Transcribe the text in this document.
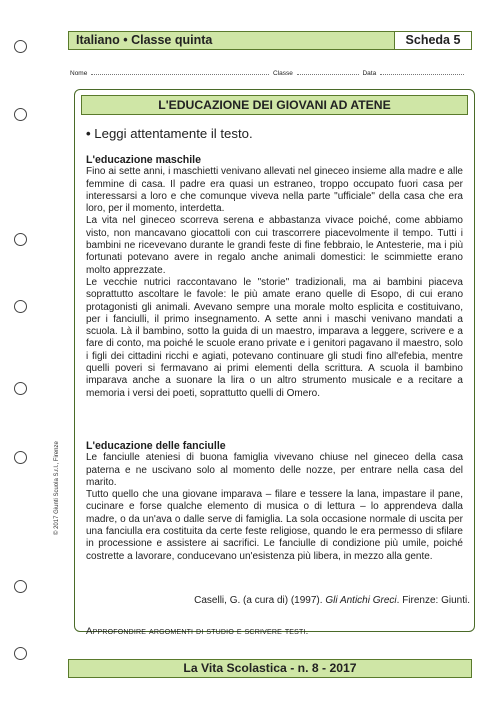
Italiano • Classe quinta	Scheda 5
Nome	Classe	Data
L'EDUCAZIONE DEI GIOVANI AD ATENE
• Leggi attentamente il testo.
L'educazione maschile

Fino ai sette anni, i maschietti venivano allevati nel gineceo insieme alla madre e alle femmine di casa. Il padre era quasi un estraneo, troppo occupato fuori casa per interessarsi a loro e che comunque viveva nella parte "ufficiale" della casa che era loro, per il momento, interdetta.

La vita nel gineceo scorreva serena e abbastanza vivace poiché, come abbiamo visto, non mancavano giocattoli con cui trascorrere piacevolmente il tempo. Tutti i bambini ne ricevevano durante le grandi feste di fine febbraio, le Antesterie, ma i più fortunati potevano avere in regalo anche animali domestici: le scimmiette erano molto apprezzate.

Le vecchie nutrici raccontavano le "storie" tradizionali, ma ai bambini piaceva soprattutto ascoltare le favole: le più amate erano quelle di Esopo, di cui erano protagonisti gli animali. Avevano sempre una morale molto esplicita e costituivano, per i fanciulli, il primo insegnamento. A sette anni i maschi venivano mandati a scuola. Là il bambino, sotto la guida di un maestro, imparava a leggere, scrivere e a fare di conto, ma poiché le scuole erano private e i genitori pagavano il maestro, solo i figli dei cittadini ricchi e agiati, potevano continuare gli studi fino all'efebia, mentre quelli poveri si fermavano ai primi elementi della scrittura. A scuola il bambino imparava anche a suonare la lira o un altro strumento musicale e a recitare a memoria i versi dei poeti, soprattutto quelli di Omero.

L'educazione delle fanciulle

Le fanciulle ateniesi di buona famiglia vivevano chiuse nel gineceo della casa paterna e ne uscivano solo al momento delle nozze, per entrare nella casa del marito.

Tutto quello che una giovane imparava – filare e tessere la lana, impastare il pane, cucinare e forse qualche elemento di musica o di lettura – lo apprendeva dalla madre, o da un'ava o dalle serve di famiglia. La sola occasione normale di uscita per una fanciulla era costituita da certe feste religiose, quando le era permesso di sfilare in processione e assistere ai sacrifici. Le fanciulle di condizione più umile, poiché costrette a lavorare, conducevano un'esistenza più libera, in mezzo alla gente.

Caselli, G. (a cura di) (1997). Gli Antichi Greci. Firenze: Giunti.
Approfondire argomenti di studio e scrivere testi.
© 2017 Giunti Scuola S.r.l., Firenze
La Vita Scolastica - n. 8 - 2017
